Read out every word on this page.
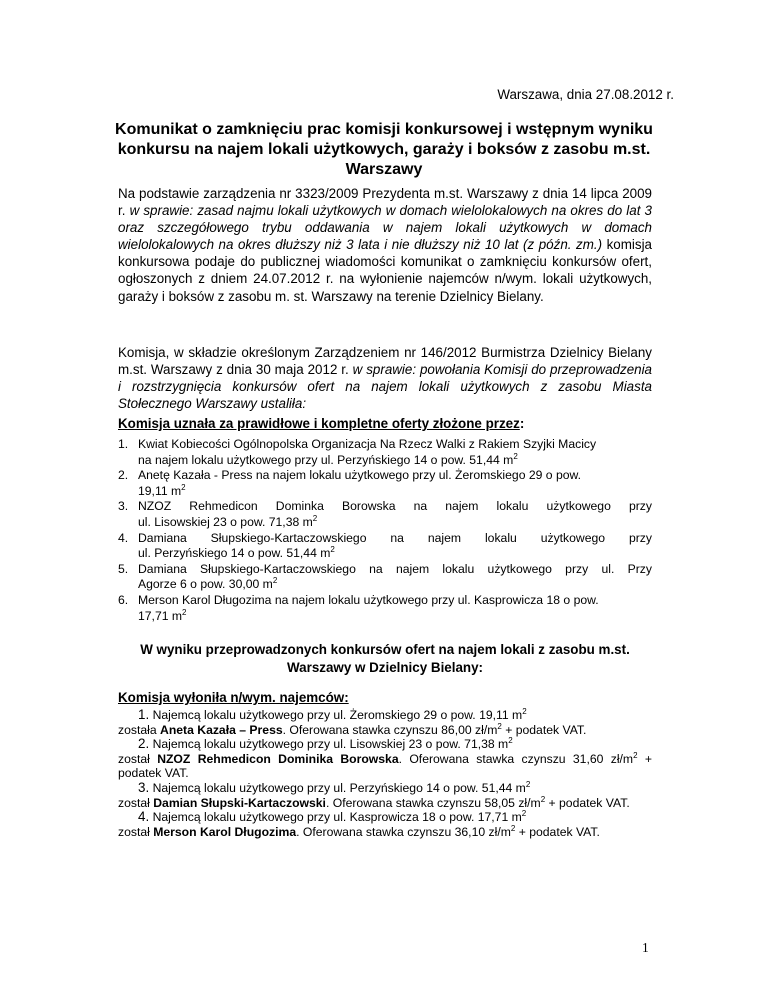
Warszawa, dnia 27.08.2012 r.
Komunikat o zamknięciu prac komisji konkursowej i wstępnym wyniku konkursu na najem lokali użytkowych, garaży i boksów z zasobu m.st. Warszawy
Na podstawie zarządzenia nr 3323/2009 Prezydenta m.st. Warszawy z dnia 14 lipca 2009 r. w sprawie: zasad najmu lokali użytkowych w domach wielolokalowych na okres do lat 3 oraz szczegółowego trybu oddawania w najem lokali użytkowych w domach wielolokalowych na okres dłuższy niż 3 lata i nie dłuższy niż 10 lat (z późn. zm.) komisja konkursowa podaje do publicznej wiadomości komunikat o zamknięciu konkursów ofert, ogłoszonych z dniem 24.07.2012 r. na wyłonienie najemców n/wym. lokali użytkowych, garaży i boksów z zasobu m. st. Warszawy na terenie Dzielnicy Bielany.
Komisja, w składzie określonym Zarządzeniem nr 146/2012 Burmistrza Dzielnicy Bielany m.st. Warszawy z dnia 30 maja 2012 r. w sprawie: powołania Komisji do przeprowadzenia i rozstrzygnięcia konkursów ofert na najem lokali użytkowych z zasobu Miasta Stołecznego Warszawy ustaliła:
Komisja uznała za prawidłowe i kompletne oferty złożone przez:
1. Kwiat Kobiecości Ogólnopolska Organizacja Na Rzecz Walki z Rakiem Szyjki Macicy
na najem lokalu użytkowego przy ul. Perzyńskiego 14 o pow. 51,44 $m^2$
2. Anetę Kazała - Press na najem lokalu użytkowego przy ul. Żeromskiego 29 o pow.
19,11 $m^2$
3. NZOZ Rehmedicon Dominka Borowska na najem lokalu użytkowego przy
ul. Lisowskiej 23 o pow. 71,38 $m^2$
4. Damiana Słupskiego-Kartaczowskiego na najem lokalu użytkowego przy
ul. Perzyńskiego 14 o pow. 51,44 $m^2$
5. Damiana Słupskiego-Kartaczowskiego na najem lokalu użytkowego przy ul. Przy
Agorze 6 o pow. 30,00 $m^2$
6. Merson Karol Długozima na najem lokalu użytkowego przy ul. Kasprowicza 18 o pow.
17,71 $m^2$
W wyniku przeprowadzonych konkursów ofert na najem lokali z zasobu m.st. Warszawy w Dzielnicy Bielany:
Komisja wyłoniła n/wym. najemców:
1. Najemcą lokalu użytkowego przy ul. Żeromskiego 29 o pow. 19,11 $m^2$
została Aneta Kazała – Press. Oferowana stawka czynszu 86,00 $zł/m^2$ + podatek VAT.
2. Najemcą lokalu użytkowego przy ul. Lisowskiej 23 o pow. 71,38 $m^2$
został NZOZ Rehmedicon Dominika Borowska. Oferowana stawka czynszu 31,60 $zł/m^2$ + podatek VAT.
3. Najemcą lokalu użytkowego przy ul. Perzyńskiego 14 o pow. 51,44 $m^2$
został Damian Słupski-Kartaczowski. Oferowana stawka czynszu 58,05 $zł/m^2$ + podatek VAT.
4. Najemcą lokalu użytkowego przy ul. Kasprowicza 18 o pow. 17,71 $m^2$
został Merson Karol Długozima. Oferowana stawka czynszu 36,10 $zł/m^2$ + podatek VAT.
1
